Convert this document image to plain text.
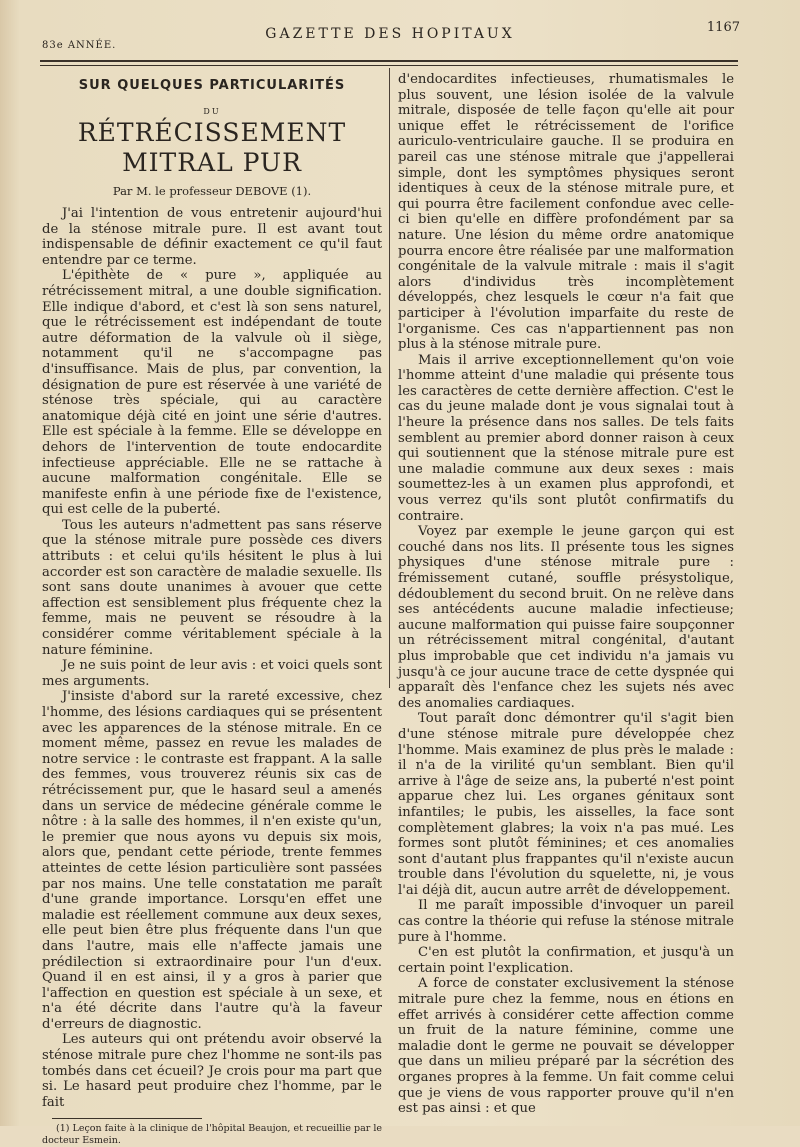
83e ANNÉE.
GAZETTE DES HOPITAUX	1167
SUR QUELQUES PARTICULARITÉS
DU
RÉTRÉCISSEMENT MITRAL PUR
Par M. le professeur DEBOVE (1).

J'ai l'intention de vous entretenir aujourd'hui de la sténose mitrale pure. Il est avant tout indispensable de définir exactement ce qu'il faut entendre par ce terme.

L'épithète de « pure », appliquée au rétrécissement mitral, a une double signification. Elle indique d'abord, et c'est là son sens naturel, que le rétrécissement est indépendant de toute autre déformation de la valvule où il siège, notamment qu'il ne s'accompagne pas d'insuffisance. Mais de plus, par convention, la désignation de pure est réservée à une variété de sténose très spéciale, qui au caractère anatomique déjà cité en joint une série d'autres. Elle est spéciale à la femme. Elle se développe en dehors de l'intervention de toute endocardite infectieuse appréciable. Elle ne se rattache à aucune malformation congénitale. Elle se manifeste enfin à une période fixe de l'existence, qui est celle de la puberté.

Tous les auteurs n'admettent pas sans réserve que la sténose mitrale pure possède ces divers attributs : et celui qu'ils hésitent le plus à lui accorder est son caractère de maladie sexuelle. Ils sont sans doute unanimes à avouer que cette affection est sensiblement plus fréquente chez la femme, mais ne peuvent se résoudre à la considérer comme véritablement spéciale à la nature féminine.

Je ne suis point de leur avis : et voici quels sont mes arguments.

J'insiste d'abord sur la rareté excessive, chez l'homme, des lésions cardiaques qui se présentent avec les apparences de la sténose mitrale. En ce moment même, passez en revue les malades de notre service : le contraste est frappant. A la salle des femmes, vous trouverez réunis six cas de rétrécissement pur, que le hasard seul a amenés dans un service de médecine générale comme le nôtre : à la salle des hommes, il n'en existe qu'un, le premier que nous ayons vu depuis six mois, alors que, pendant cette période, trente femmes atteintes de cette lésion particulière sont passées par nos mains. Une telle constatation me paraît d'une grande importance. Lorsqu'en effet une maladie est réellement commune aux deux sexes, elle peut bien être plus fréquente dans l'un que dans l'autre, mais elle n'affecte jamais une prédilection si extraordinaire pour l'un d'eux. Quand il en est ainsi, il y a gros à parier que l'affection en question est spéciale à un sexe, et n'a été décrite dans l'autre qu'à la faveur d'erreurs de diagnostic.

Les auteurs qui ont prétendu avoir observé la sténose mitrale pure chez l'homme ne sont-ils pas tombés dans cet écueil? Je crois pour ma part que si. Le hasard peut produire chez l'homme, par le fait

(1) Leçon faite à la clinique de l'hôpital Beaujon, et recueillie par le docteur Esmein.

d'endocardites infectieuses, rhumatismales le plus souvent, une lésion isolée de la valvule mitrale, disposée de telle façon qu'elle ait pour unique effet le rétrécissement de l'orifice auriculo-ventriculaire gauche. Il se produira en pareil cas une sténose mitrale que j'appellerai simple, dont les symptômes physiques seront identiques à ceux de la sténose mitrale pure, et qui pourra être facilement confondue avec celle-ci bien qu'elle en diffère profondément par sa nature. Une lésion du même ordre anatomique pourra encore être réalisée par une malformation congénitale de la valvule mitrale : mais il s'agit alors d'individus très incomplètement développés, chez lesquels le cœur n'a fait que participer à l'évolution imparfaite du reste de l'organisme. Ces cas n'appartiennent pas non plus à la sténose mitrale pure.

Mais il arrive exceptionnellement qu'on voie l'homme atteint d'une maladie qui présente tous les caractères de cette dernière affection. C'est le cas du jeune malade dont je vous signalai tout à l'heure la présence dans nos salles. De tels faits semblent au premier abord donner raison à ceux qui soutiennent que la sténose mitrale pure est une maladie commune aux deux sexes : mais soumettez-les à un examen plus approfondi, et vous verrez qu'ils sont plutôt confirmatifs du contraire.

Voyez par exemple le jeune garçon qui est couché dans nos lits. Il présente tous les signes physiques d'une sténose mitrale pure : frémissement cutané, souffle présystolique, dédoublement du second bruit. On ne relève dans ses antécédents aucune maladie infectieuse; aucune malformation qui puisse faire soupçonner un rétrécissement mitral congénital, d'autant plus improbable que cet individu n'a jamais vu jusqu'à ce jour aucune trace de cette dyspnée qui apparaît dès l'enfance chez les sujets nés avec des anomalies cardiaques.

Tout paraît donc démontrer qu'il s'agit bien d'une sténose mitrale pure développée chez l'homme. Mais examinez de plus près le malade : il n'a de la virilité qu'un semblant. Bien qu'il arrive à l'âge de seize ans, la puberté n'est point apparue chez lui. Les organes génitaux sont infantiles; le pubis, les aisselles, la face sont complètement glabres; la voix n'a pas mué. Les formes sont plutôt féminines; et ces anomalies sont d'autant plus frappantes qu'il n'existe aucun trouble dans l'évolution du squelette, ni, je vous l'ai déjà dit, aucun autre arrêt de développement.

Il me paraît impossible d'invoquer un pareil cas contre la théorie qui refuse la sténose mitrale pure à l'homme.

C'en est plutôt la confirmation, et jusqu'à un certain point l'explication.

A force de constater exclusivement la sténose mitrale pure chez la femme, nous en étions en effet arrivés à considérer cette affection comme un fruit de la nature féminine, comme une maladie dont le germe ne pouvait se développer que dans un milieu préparé par la sécrétion des organes propres à la femme. Un fait comme celui que je viens de vous rapporter prouve qu'il n'en est pas ainsi : et que
